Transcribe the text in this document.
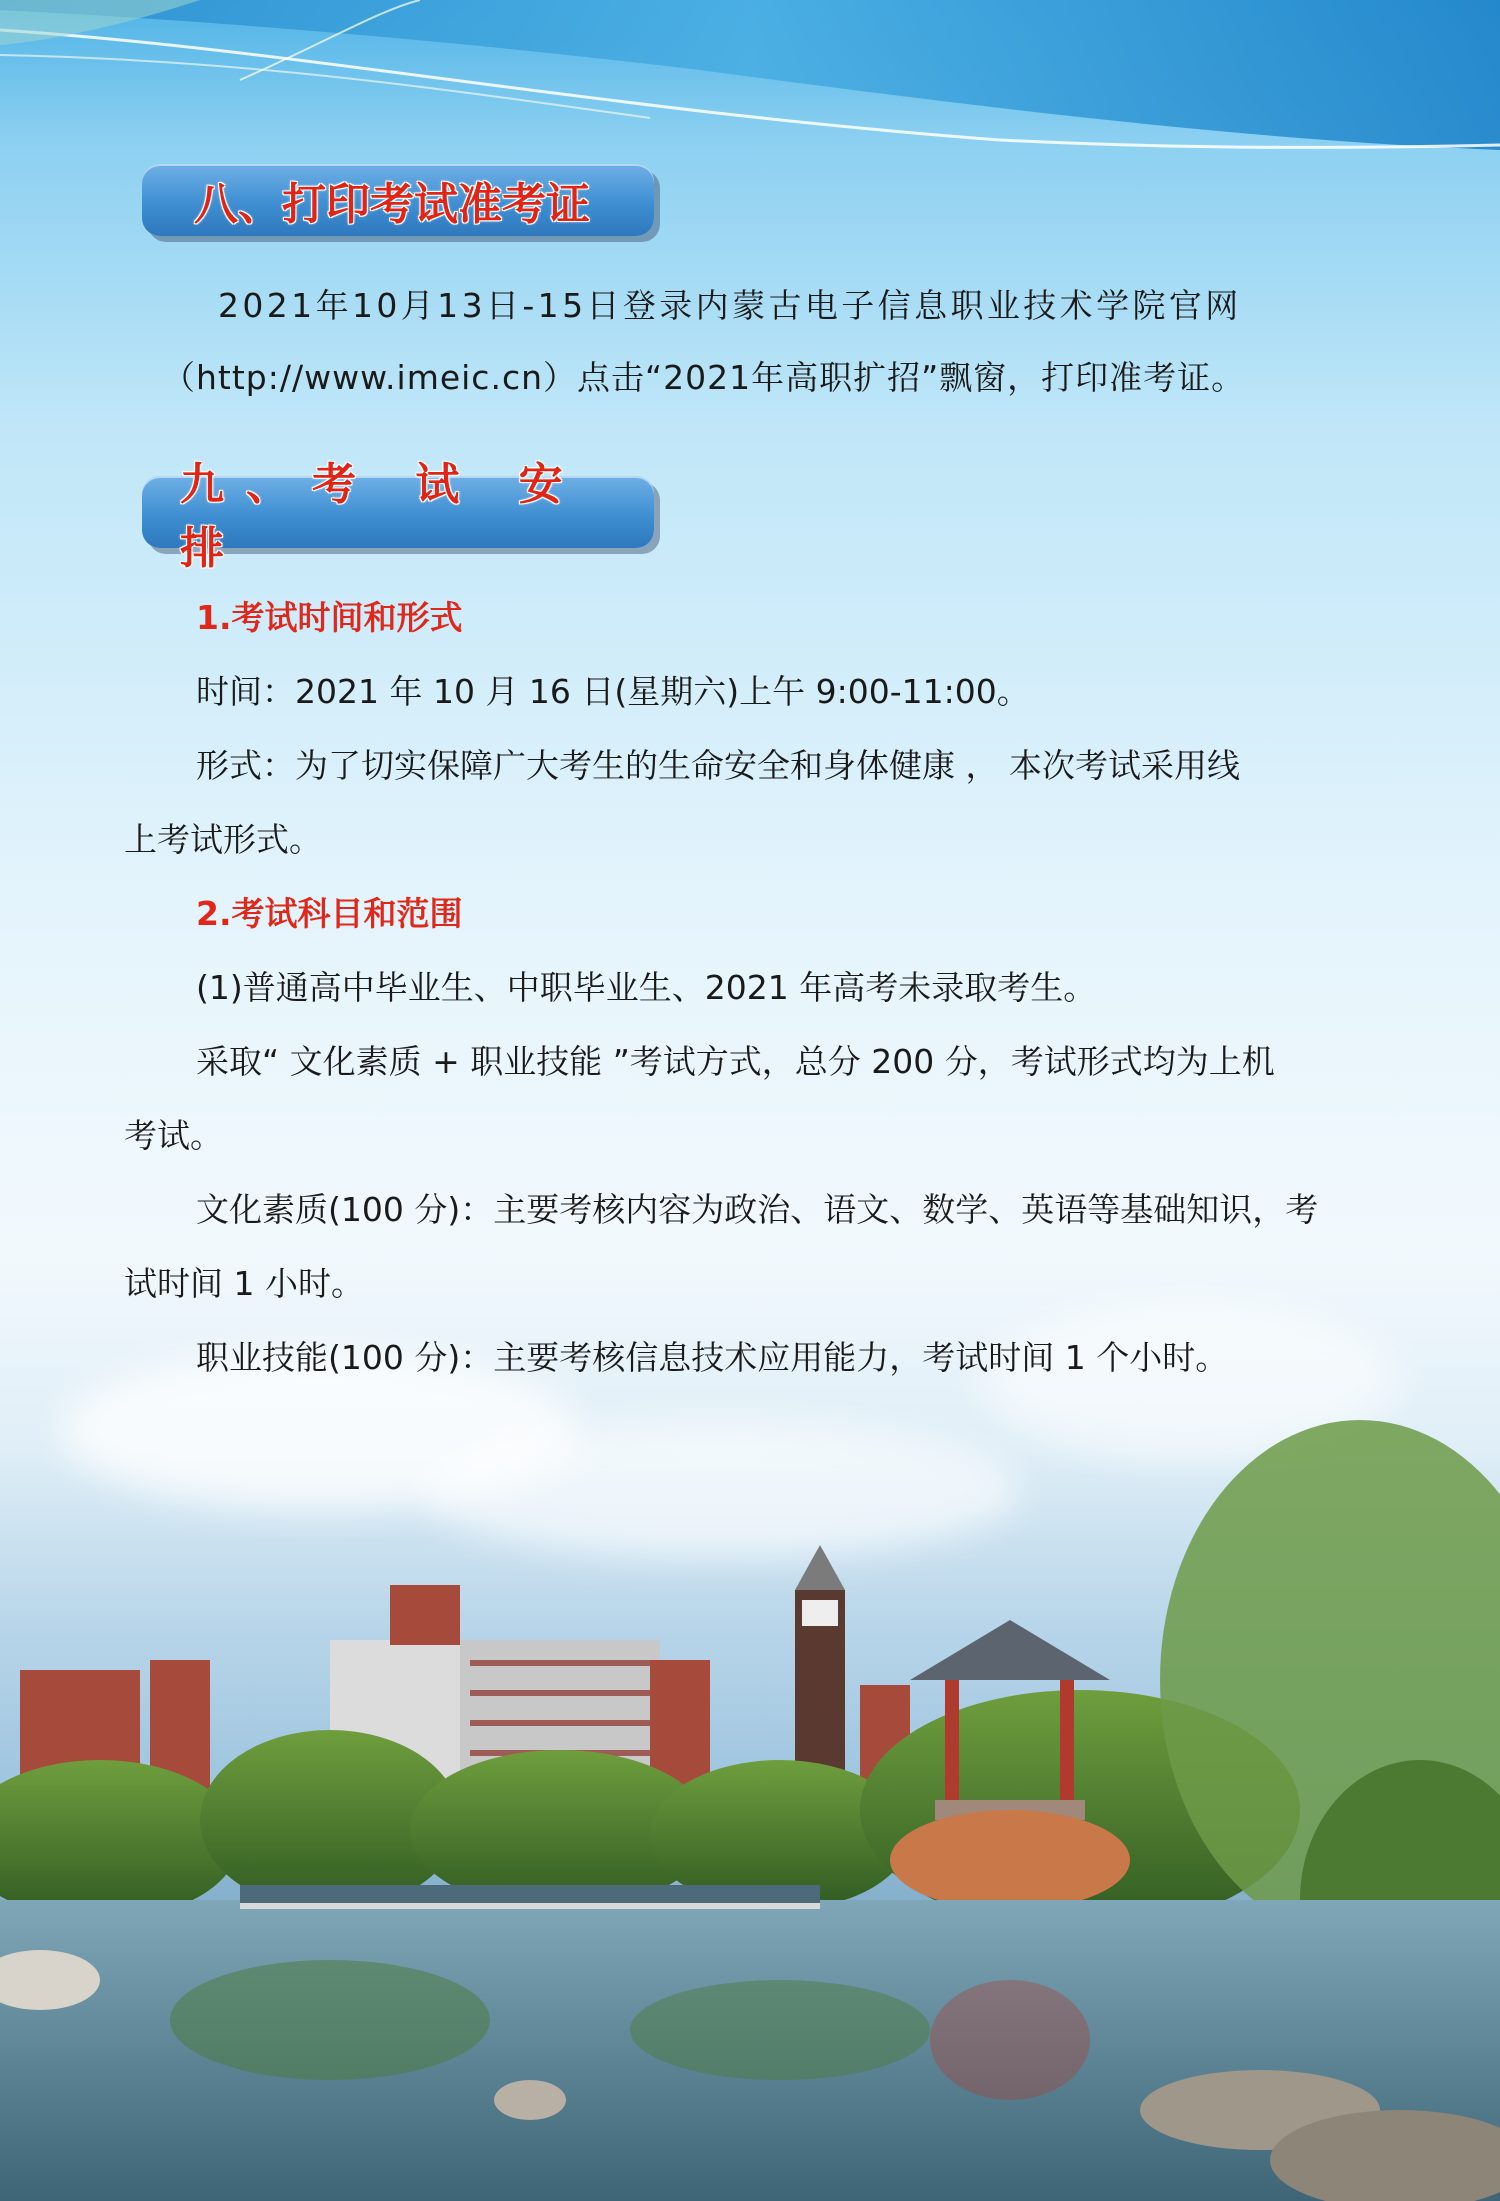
八、打印考试准考证
2021年10月13日-15日登录内蒙古电子信息职业技术学院官网
（http://www.imeic.cn）点击“2021年高职扩招”飘窗，打印准考证。
九、考 试 安 排
1.考试时间和形式
时间：2021 年 10 月 16 日(星期六)上午 9:00-11:00。
形式：为了切实保障广大考生的生命安全和身体健康 ， 本次考试采用线
上考试形式。
2.考试科目和范围
(1)普通高中毕业生、中职毕业生、2021 年高考未录取考生。
采取“ 文化素质 + 职业技能 ”考试方式，总分 200 分，考试形式均为上机
考试。
文化素质(100 分)：主要考核内容为政治、语文、数学、英语等基础知识，考
试时间 1 小时。
职业技能(100 分)：主要考核信息技术应用能力，考试时间 1 个小时。
